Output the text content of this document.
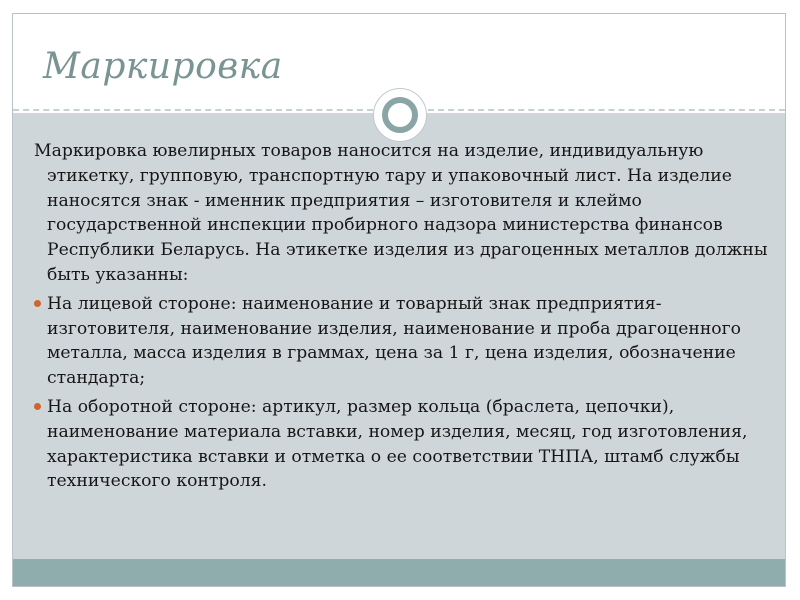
Маркировка

Маркировка ювелирных товаров наносится на изделие, индивидуальную этикетку, групповую, транспортную тару и упаковочный лист. На изделие наносятся знак - именник предприятия – изготовителя и клеймо государственной инспекции пробирного надзора министерства финансов Республики Беларусь. На этикетке изделия из драгоценных металлов должны быть указанны:

На лицевой стороне: наименование и товарный знак предприятия-изготовителя, наименование изделия, наименование и проба драгоценного металла, масса изделия в граммах, цена за 1 г, цена изделия, обозначение стандарта;
На оборотной стороне: артикул, размер кольца (браслета, цепочки), наименование материала вставки, номер изделия, месяц, год изготовления, характеристика вставки и отметка о ее соответствии ТНПА, штамб службы технического контроля.
